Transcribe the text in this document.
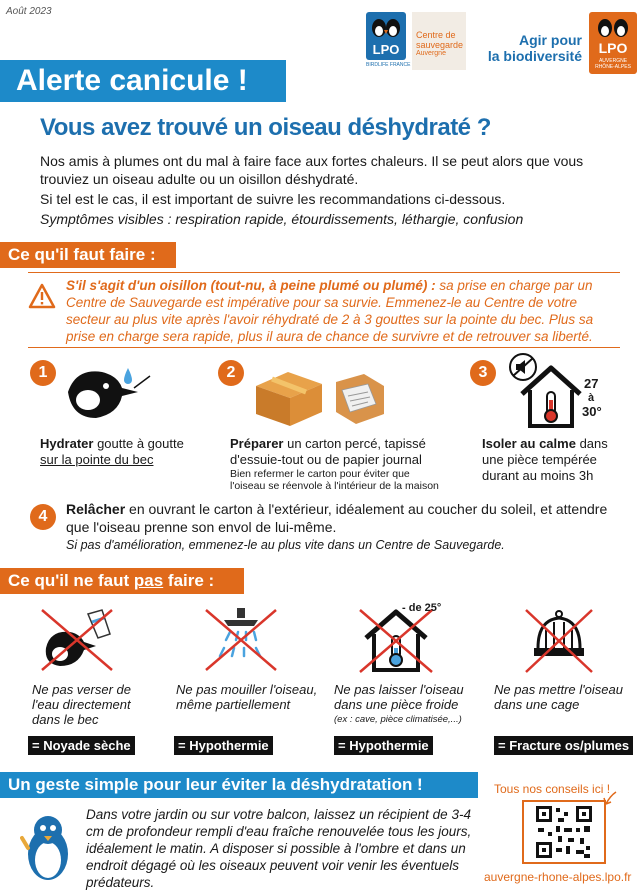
Août 2023
LPO
BIRDLIFE FRANCE
Centre de
sauvegarde
Auvergne
Agir pour
la biodiversité	LPO
AUVERGNE RHÔNE-ALPES
Alerte canicule !
Vous avez trouvé un oiseau déshydraté ?
Nos amis à plumes ont du mal à faire face aux fortes chaleurs. Il se peut alors que vous trouviez un oiseau adulte ou un oisillon déshydraté.
Si tel est le cas, il est important de suivre les recommandations ci-dessous.
Symptômes visibles : respiration rapide, étourdissements, léthargie, confusion
Ce qu'il faut faire :
S'il s'agit d'un oisillon (tout-nu, à peine plumé ou plumé) : sa prise en charge par un Centre de Sauvegarde est impérative pour sa survie. Emmenez-le au Centre de votre secteur au plus vite après l'avoir réhydraté de 2 à 3 gouttes sur la pointe du bec. Plus sa prise en charge sera rapide, plus il aura de chance de survivre et de retrouver sa liberté.
1
Hydrater goutte à goutte
sur la pointe du bec
2
Préparer un carton percé, tapissé d'essuie-tout ou de papier journal
Bien refermer le carton pour éviter que l'oiseau se réenvole à l'intérieur de la maison
3
27
à
30°
Isoler au calme dans une pièce tempérée durant au moins 3h
4	Relâcher en ouvrant le carton à l'extérieur, idéalement au coucher du soleil, et attendre que l'oiseau prenne son envol de lui-même.
Si pas d'amélioration, emmenez-le au plus vite dans un Centre de Sauvegarde.
Ce qu'il ne faut pas faire :
Ne pas verser de l'eau directement dans le bec
= Noyade sèche
Ne pas mouiller l'oiseau, même partiellement
= Hypothermie
- de 25°
Ne pas laisser l'oiseau dans une pièce froide
(ex : cave, pièce climatisée,...)
= Hypothermie
Ne pas mettre l'oiseau dans une cage
= Fracture os/plumes
Un geste simple pour leur éviter la déshydratation !
Dans votre jardin ou sur votre balcon, laissez un récipient de 3-4 cm de profondeur rempli d'eau fraîche renouvelée tous les jours, idéalement le matin. A disposer si possible à l'ombre et dans un endroit dégagé où les oiseaux peuvent voir venir les éventuels prédateurs.
Tous nos conseils ici !
auvergne-rhone-alpes.lpo.fr
